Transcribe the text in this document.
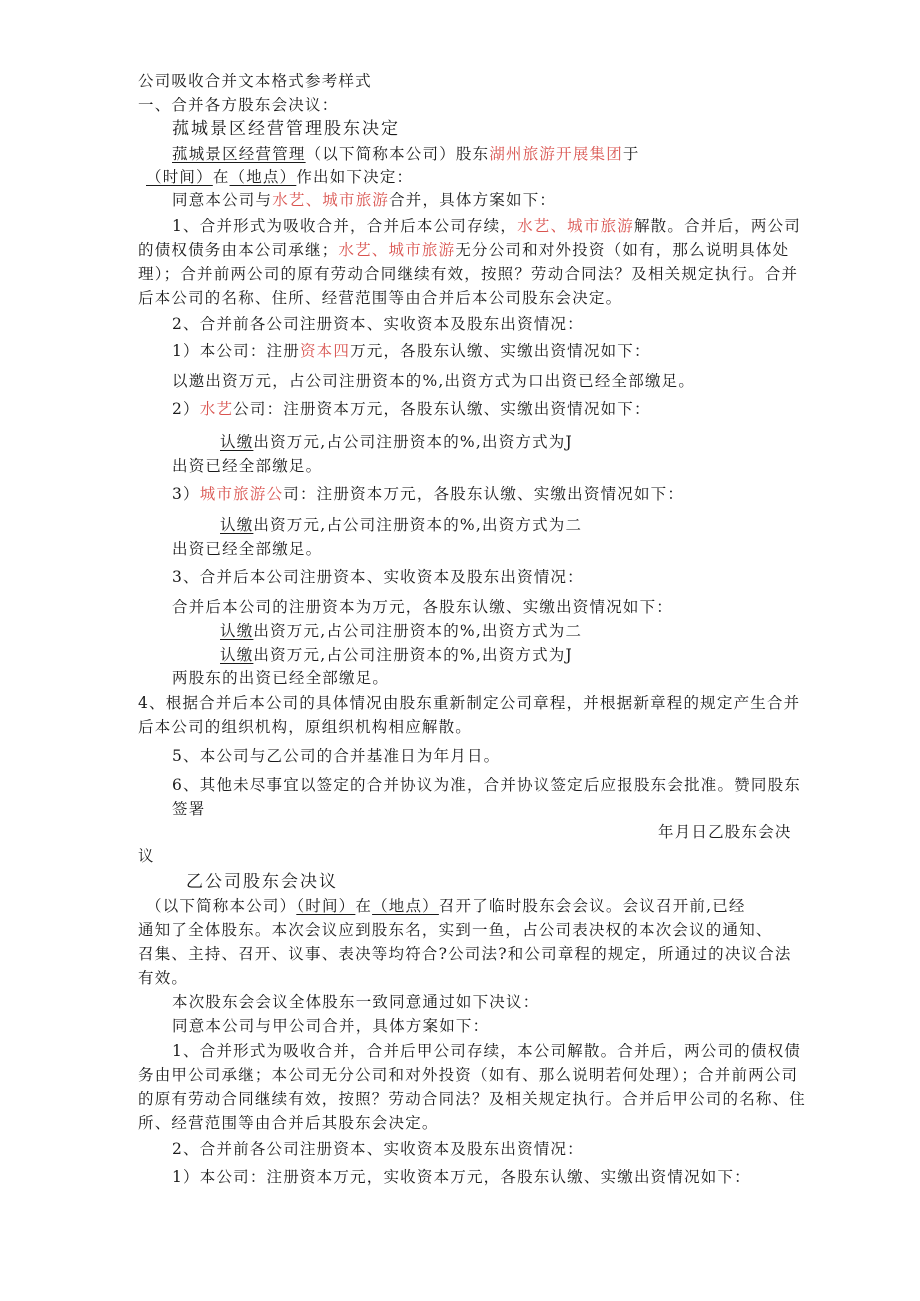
公司吸收合并文本格式参考样式
一、合并各方股东会决议：
菰城景区经营管理股东决定
菰城景区经营管理（以下简称本公司）股东湖州旅游开展集团于
（时间）在（地点）作出如下决定：
同意本公司与水艺、城市旅游合并，具体方案如下：
1、合并形式为吸收合并，合并后本公司存续，水艺、城市旅游解散。合并后，两公司
的债权债务由本公司承继；水艺、城市旅游无分公司和对外投资（如有，那么说明具体处
理）；合并前两公司的原有劳动合同继续有效，按照？劳动合同法？及相关规定执行。合并
后本公司的名称、住所、经营范围等由合并后本公司股东会决定。
2、合并前各公司注册资本、实收资本及股东出资情况：
1）本公司：注册资本四万元，各股东认缴、实缴出资情况如下：
以邀出资万元，占公司注册资本的%,出资方式为口出资已经全部缴足。
2）水艺公司：注册资本万元，各股东认缴、实缴出资情况如下：
认缴出资万元,占公司注册资本的%,出资方式为J
出资已经全部缴足。
3）城市旅游公司：注册资本万元，各股东认缴、实缴出资情况如下：
认缴出资万元,占公司注册资本的%,出资方式为二
出资已经全部缴足。
3、合并后本公司注册资本、实收资本及股东出资情况：
合并后本公司的注册资本为万元，各股东认缴、实缴出资情况如下：
认缴出资万元,占公司注册资本的%,出资方式为二
认缴出资万元,占公司注册资本的%,出资方式为J
两股东的出资已经全部缴足。
4、根据合并后本公司的具体情况由股东重新制定公司章程，并根据新章程的规定产生合并
后本公司的组织机构，原组织机构相应解散。
5、本公司与乙公司的合并基准日为年月日。
6、其他未尽事宜以签定的合并协议为准，合并协议签定后应报股东会批准。赞同股东
签署
年月日乙股东会决
议
乙公司股东会决议
（以下简称本公司）（时间）在（地点）召开了临时股东会会议。会议召开前,已经
通知了全体股东。本次会议应到股东名，实到一鱼，占公司表决权的本次会议的通知、
召集、主持、召开、议事、表决等均符合?公司法?和公司章程的规定，所通过的决议合法
有效。
本次股东会会议全体股东一致同意通过如下决议：
同意本公司与甲公司合并，具体方案如下：
1、合并形式为吸收合并，合并后甲公司存续，本公司解散。合并后，两公司的债权债
务由甲公司承继；本公司无分公司和对外投资（如有、那么说明若何处理）；合并前两公司
的原有劳动合同继续有效，按照？劳动合同法？及相关规定执行。合并后甲公司的名称、住
所、经营范围等由合并后其股东会决定。
2、合并前各公司注册资本、实收资本及股东出资情况：
1）本公司：注册资本万元，实收资本万元，各股东认缴、实缴出资情况如下：
